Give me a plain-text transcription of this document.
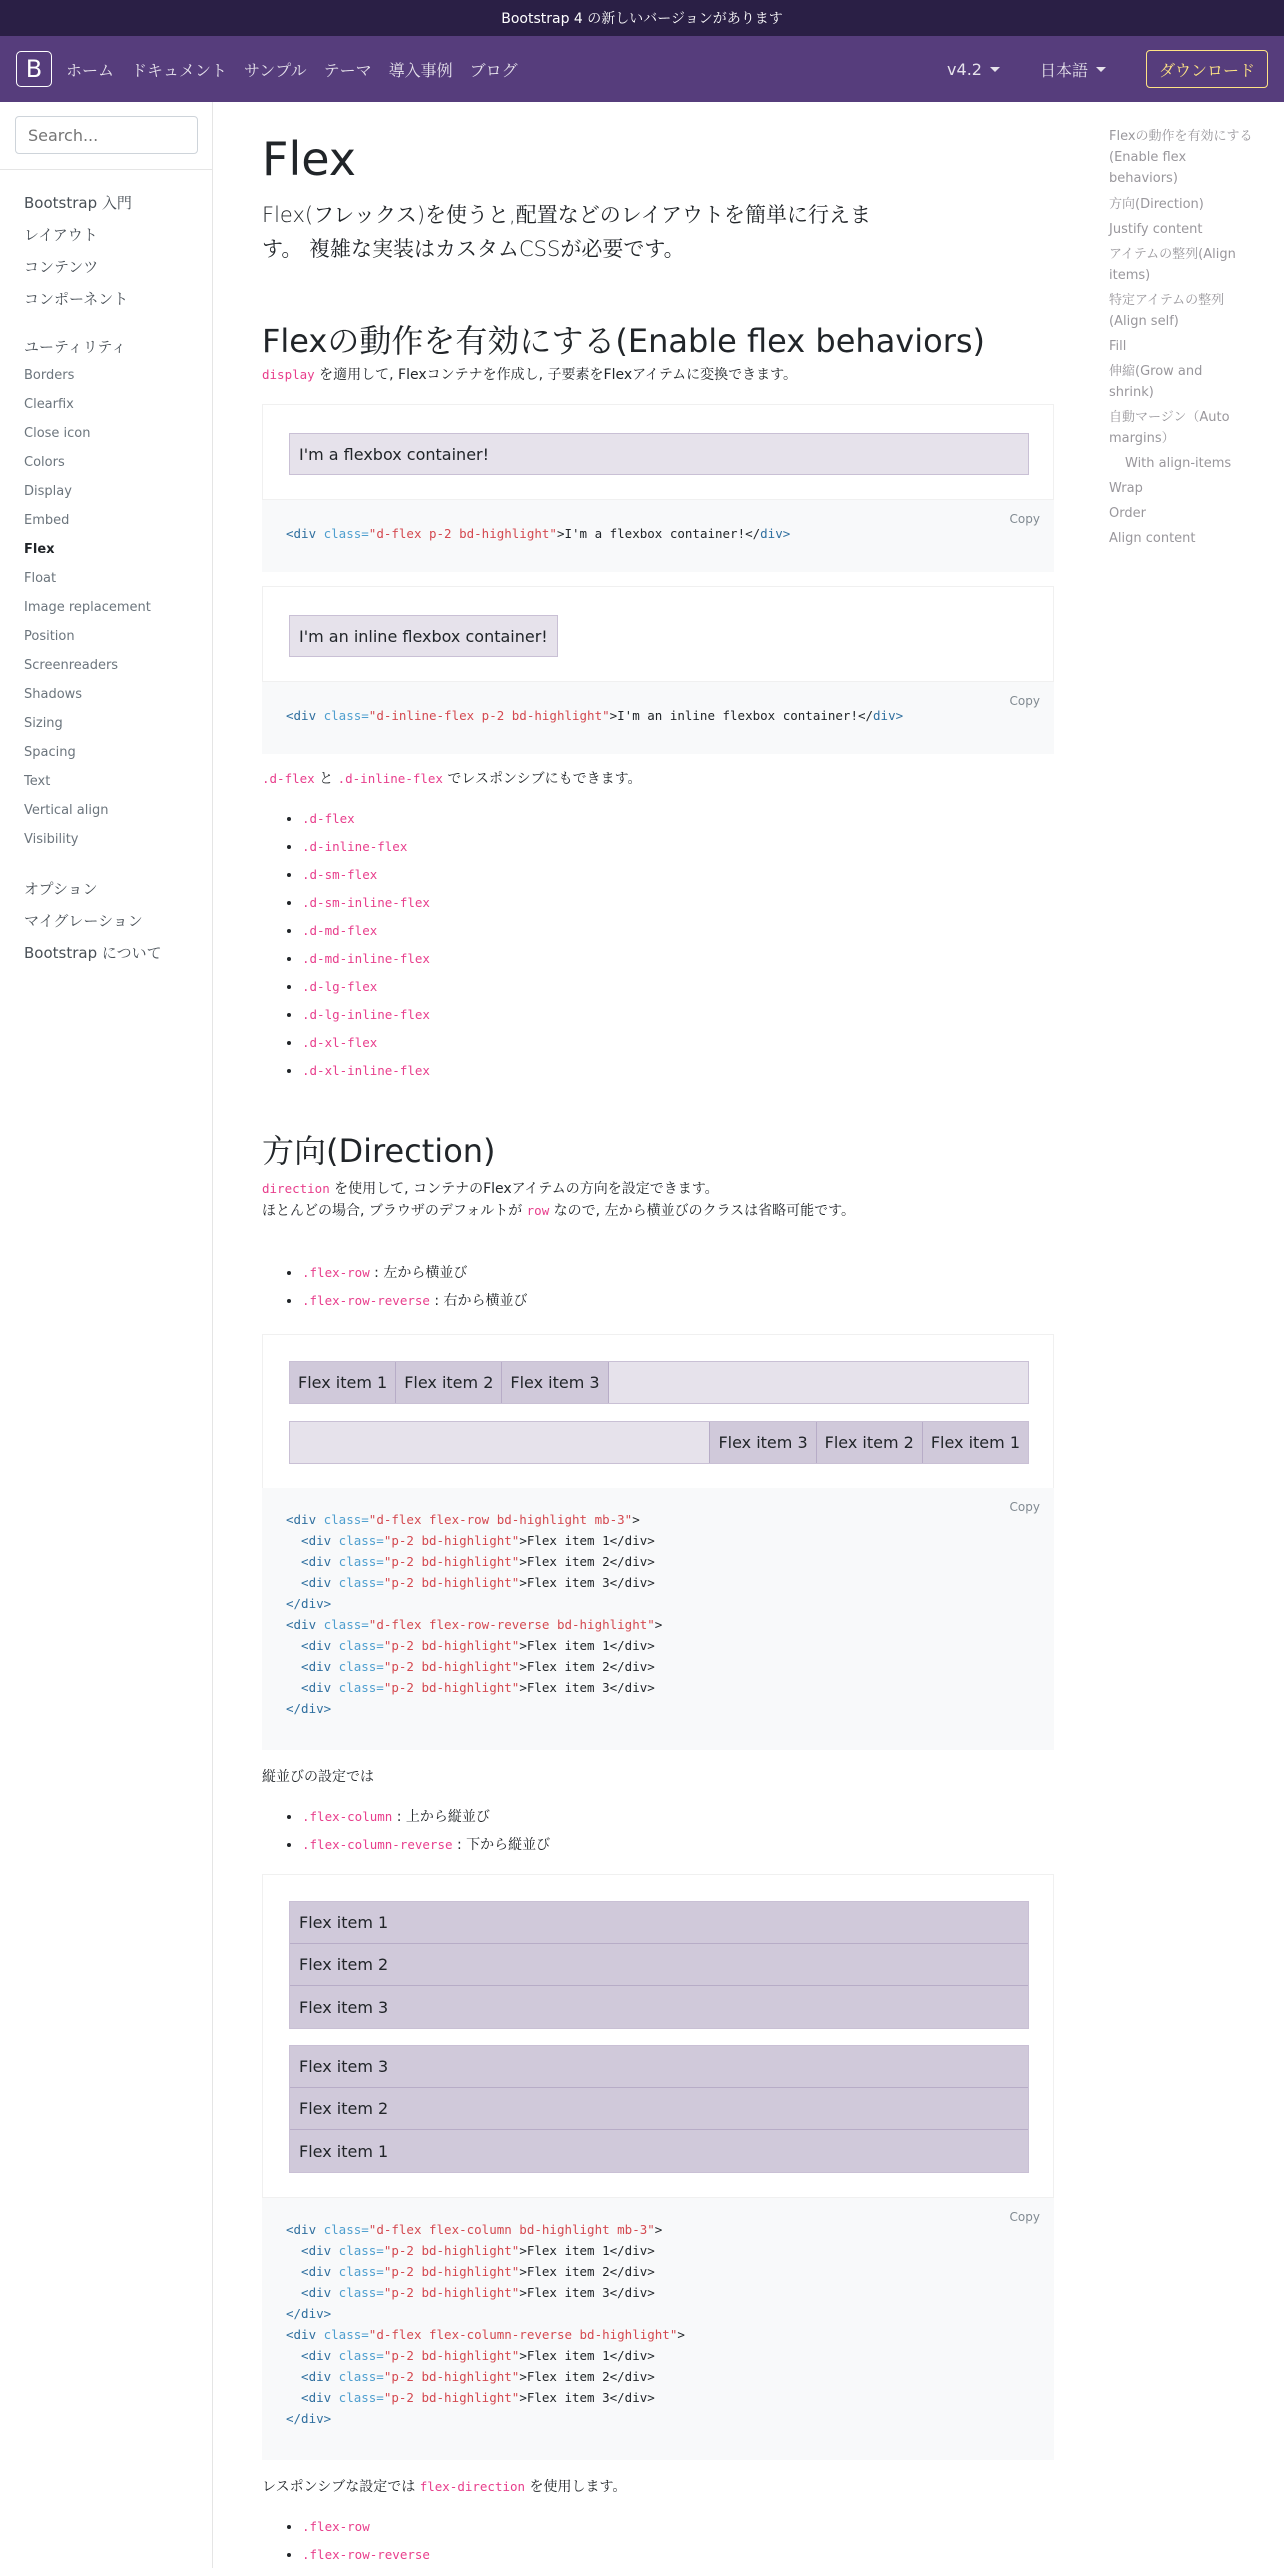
Bootstrap 4 の新しいバージョンがあります
B	ホーム ドキュメント サンプル テーマ 導入事例 ブログ	v4.2	日本語	ダウンロード
Search...
Bootstrap 入門
レイアウト
コンテンツ
コンポーネント
ユーティリティ
Borders
Clearfix
Close icon
Colors
Display
Embed
Flex
Float
Image replacement
Position
Screenreaders
Shadows
Sizing
Spacing
Text
Vertical align
Visibility
オプション
マイグレーション
Bootstrap について
Flex
Flex(フレックス)を使うと,配置などのレイアウトを簡単に行えます。 複雑な実装はカスタムCSSが必要です。
Flexの動作を有効にする(Enable flex behaviors)
display を適用して, Flexコンテナを作成し, 子要素をFlexアイテムに変換できます。
I'm a flexbox container!
Copy
<div class="d-flex p-2 bd-highlight">I'm a flexbox container!</div>
I'm an inline flexbox container!
Copy
<div class="d-inline-flex p-2 bd-highlight">I'm an inline flexbox container!</div>
.d-flex と .d-inline-flex でレスポンシブにもできます。
• .d-flex
• .d-inline-flex
• .d-sm-flex
• .d-sm-inline-flex
• .d-md-flex
• .d-md-inline-flex
• .d-lg-flex
• .d-lg-inline-flex
• .d-xl-flex
• .d-xl-inline-flex
方向(Direction)
direction を使用して, コンテナのFlexアイテムの方向を設定できます。
ほとんどの場合, ブラウザのデフォルトが row なので, 左から横並びのクラスは省略可能です。
• .flex-row : 左から横並び
• .flex-row-reverse : 右から横並び
Flex item 1	Flex item 2	Flex item 3
Flex item 3	Flex item 2	Flex item 1
Copy
<div class="d-flex flex-row bd-highlight mb-3">
<div class="p-2 bd-highlight">Flex item 1</div>
<div class="p-2 bd-highlight">Flex item 2</div>
<div class="p-2 bd-highlight">Flex item 3</div>
</div>
<div class="d-flex flex-row-reverse bd-highlight">
<div class="p-2 bd-highlight">Flex item 1</div>
<div class="p-2 bd-highlight">Flex item 2</div>
<div class="p-2 bd-highlight">Flex item 3</div>
</div>
縦並びの設定では
• .flex-column : 上から縦並び
• .flex-column-reverse : 下から縦並び
Flex item 1
Flex item 2
Flex item 3
Flex item 3
Flex item 2
Flex item 1
Copy
<div class="d-flex flex-column bd-highlight mb-3">
<div class="p-2 bd-highlight">Flex item 1</div>
<div class="p-2 bd-highlight">Flex item 2</div>
<div class="p-2 bd-highlight">Flex item 3</div>
</div>
<div class="d-flex flex-column-reverse bd-highlight">
<div class="p-2 bd-highlight">Flex item 1</div>
<div class="p-2 bd-highlight">Flex item 2</div>
<div class="p-2 bd-highlight">Flex item 3</div>
</div>
レスポンシブな設定では flex-direction を使用します。
• .flex-row
• .flex-row-reverse
Flexの動作を有効にする(Enable flex behaviors)
方向(Direction)
Justify content
アイテムの整列(Align items)
特定アイテムの整列(Align self)
Fill
伸縮(Grow and shrink)
自動マージン（Auto margins）
With align-items
Wrap
Order
Align content
